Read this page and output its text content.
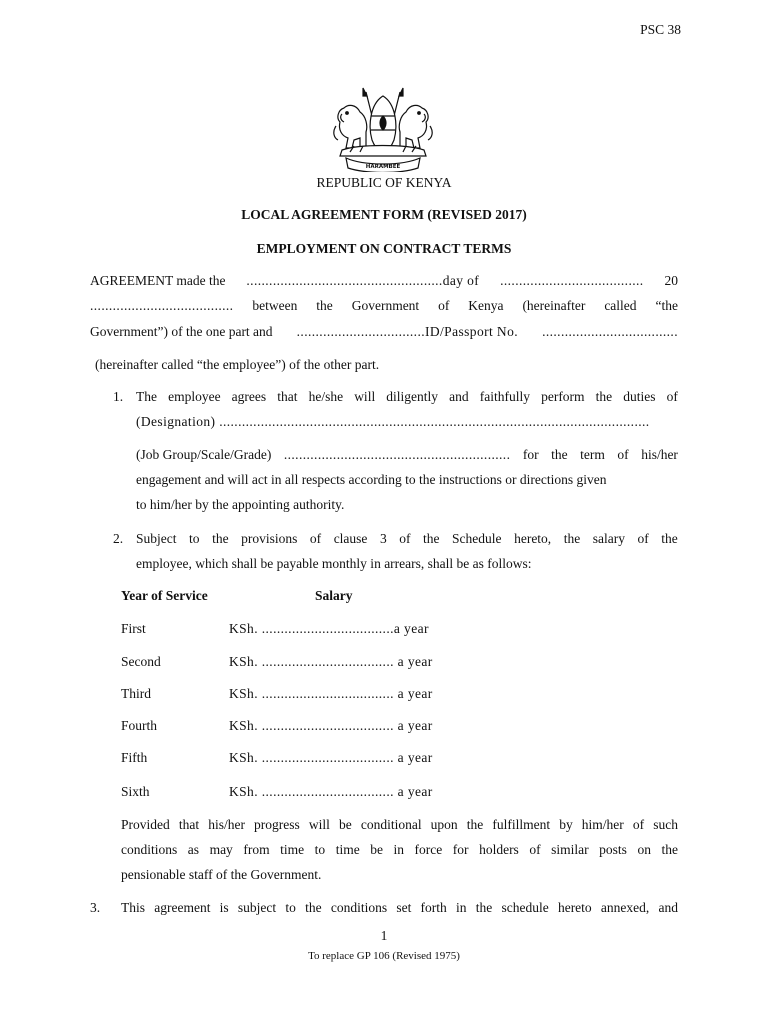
PSC 38
HARAMBEE
REPUBLIC OF KENYA
LOCAL AGREEMENT FORM (REVISED 2017)
EMPLOYMENT ON CONTRACT TERMS
AGREEMENT made the ....................................................day of ...................................... 20
...................................... between the Government of Kenya (hereinafter called “the
Government”) of the one part and ..................................ID/Passport No. ....................................
(hereinafter called “the employee”) of the other part.
1. The employee agrees that he/she will diligently and faithfully perform the duties of
(Designation) ..................................................................................................................
(Job Group/Scale/Grade) ............................................................ for the term of his/her
engagement and will act in all respects according to the instructions or directions given
to him/her by the appointing authority.
2. Subject to the provisions of clause 3 of the Schedule hereto, the salary of the
employee, which shall be payable monthly in arrears, shall be as follows:
Year of Service	Salary
First	KSh. ...................................a year
Second	KSh. ................................... a year
Third	KSh. ................................... a year
Fourth	KSh. ................................... a year
Fifth	KSh. ................................... a year
Sixth	KSh. ................................... a year
Provided that his/her progress will be conditional upon the fulfillment by him/her of such
conditions as may from time to time be in force for holders of similar posts on the
pensionable staff of the Government.
3. This agreement is subject to the conditions set forth in the schedule hereto annexed, and
1
To replace GP 106 (Revised 1975)
